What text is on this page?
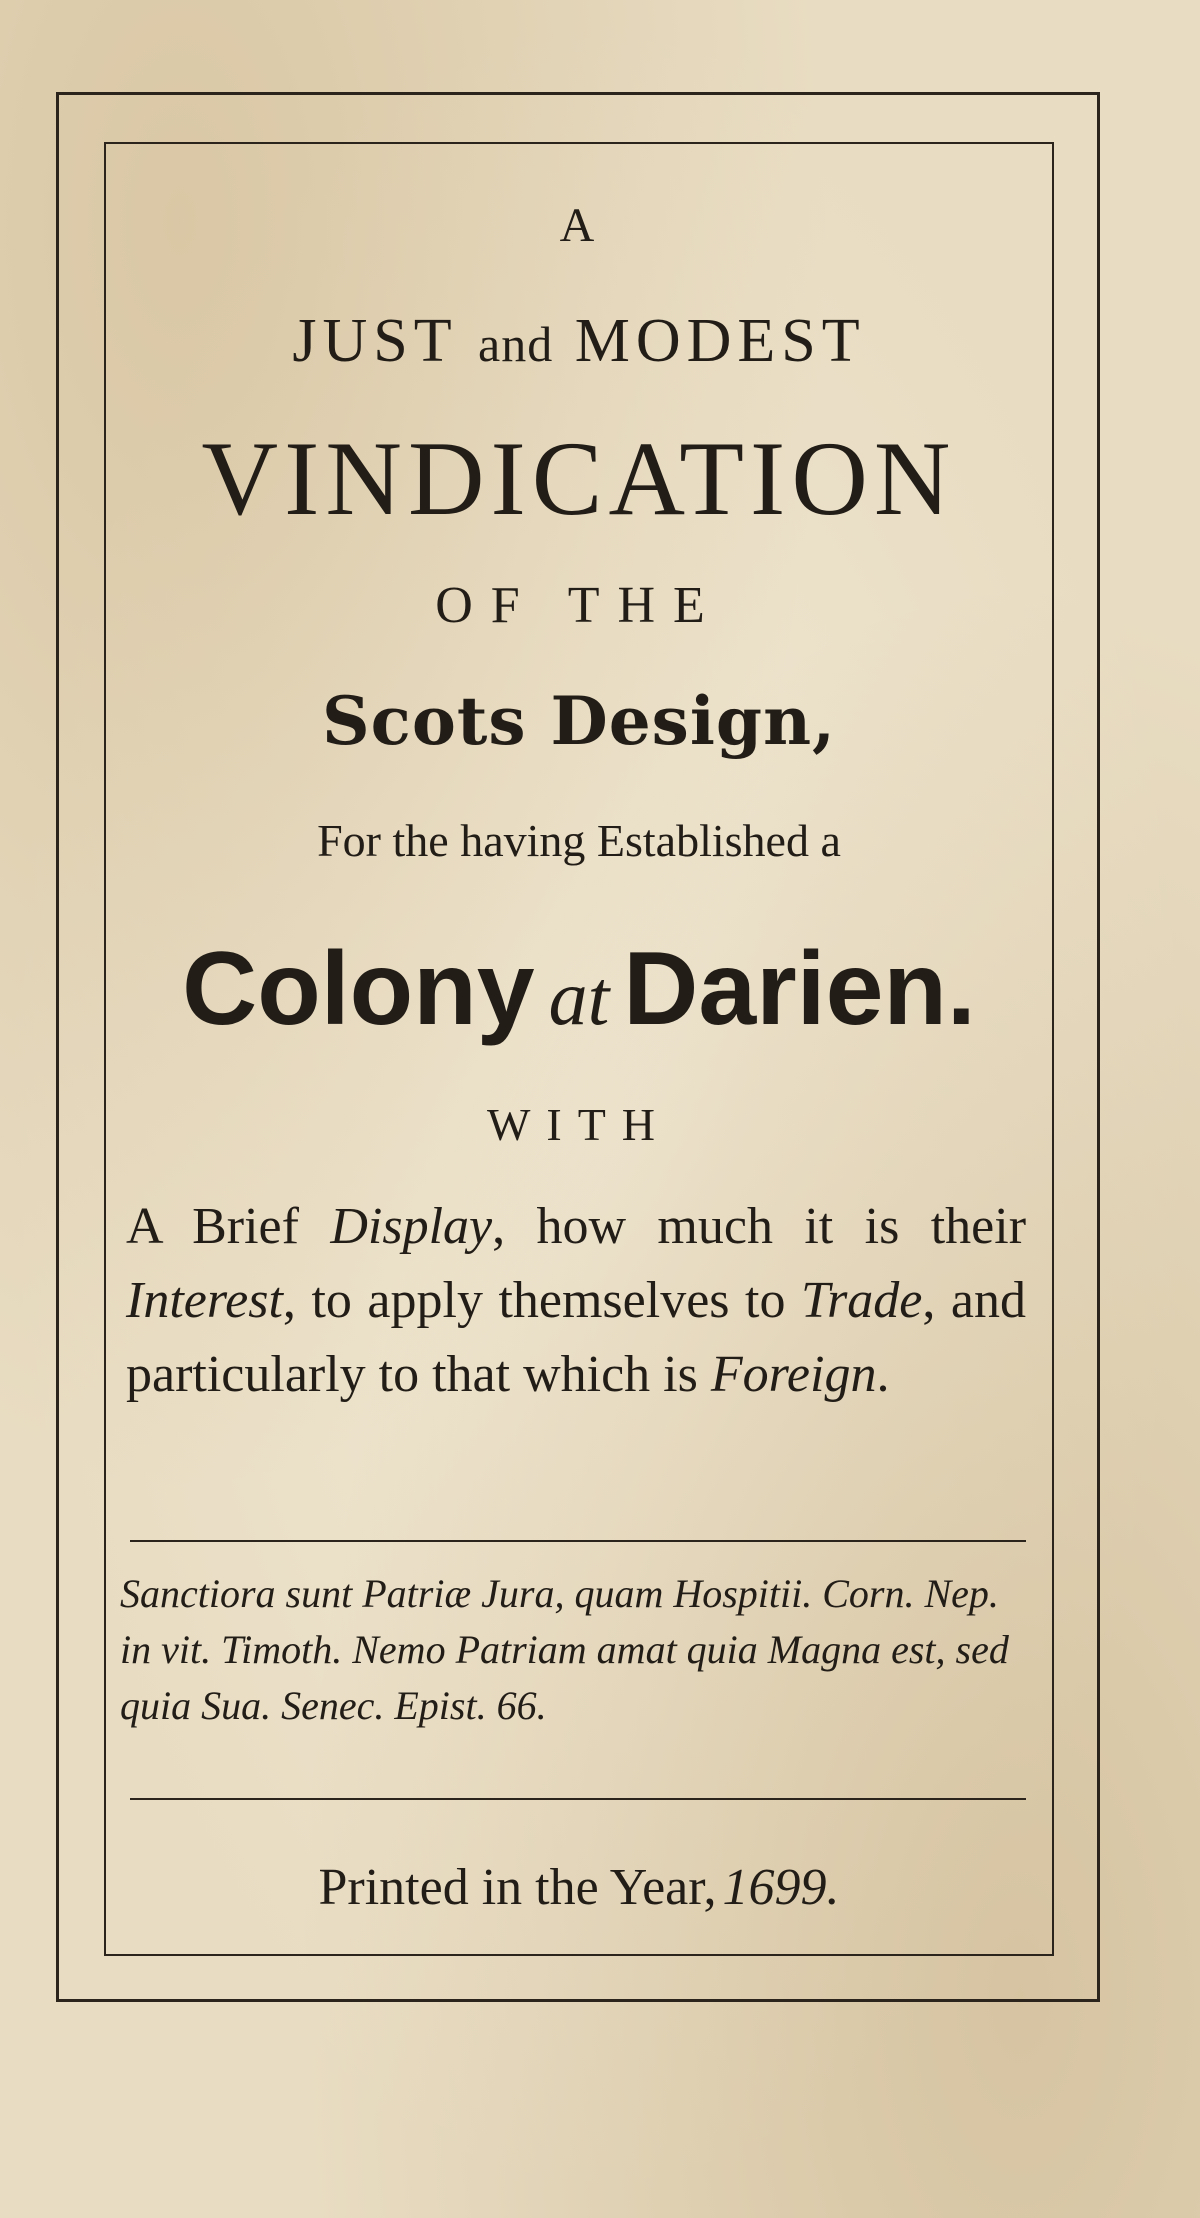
A
JUST and MODEST
VINDICATION
OF THE
Scots Design,
For the having Established a
Colony at Darien.
WITH
A Brief Display, how much it is their Interest, to apply themselves to Trade, and particularly to that which is Foreign.
Sanctiora sunt Patriæ Jura, quam Hospitii. Corn. Nep. in vit. Timoth. Nemo Patriam amat quia Magna est, sed quia Sua. Senec. Epist. 66.
Printed in the Year, 1699.
